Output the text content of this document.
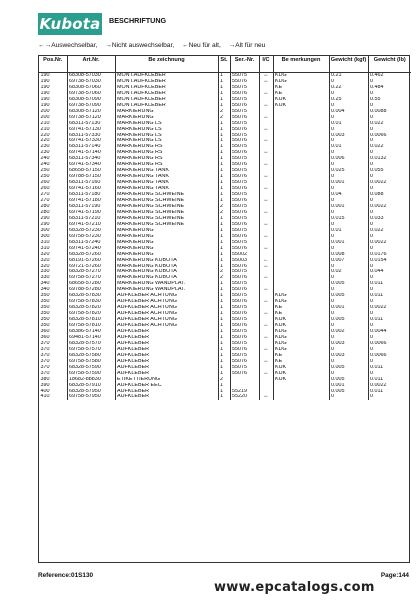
Kubota BESCHRIFTUNG
←→Auswechselbar, →Nicht auswechselbar, ←Neu für alt, →Alt für neu
Pos.Nr.	Art.Nr.	Be zeichnung	St.	Ser.-Nr.	I/C	Be merkungen	Gewicht (kgf)	Gewicht (lb)
190	68308-57030	MONT.AUFKLEBER	1	55075	↔	KDG	0.21	0.462
190	69738-57030	MONT.AUFKLEBER	1	55076	↔	KDG	0	0
190	68308-57060	MONT.AUFKLEBER	1	55075		KE	0.22	0.484
190	69738-57060	MONT.AUFKLEBER	1	55076	↔	KE	0	0
190	68308-57090	MONT.AUFKLEBER	1	55075		KUK	0.25	0.55
190	69738-57090	MONT.AUFKLEBER	1	55076	↔	KUK	0	0
200	68308-57120	MARKIERUNG	2	55075			0.004	0.0088
200	69738-57120	MARKIERUNG	2	55076	↔		0	0
210	68311-57130	MARKIERUNG LS	1	55075			0.01	0.022
210	69741-57130	MARKIERUNG LS	1	55076	↔		0	0
220	68311-57330	MARKIERUNG LS	1	55075			0.003	0.0066
220	69741-57330	MARKIERUNG LS	1	55076	↔		0	0
230	68311-57140	MARKIERUNG RS	1	55075			0.01	0.022
230	69741-57140	MARKIERUNG RS	1	55076	↔		0	0
240	68311-57340	MARKIERUNG RS	1	55075			0.006	0.0132
240	69741-57340	MARKIERUNG RS	1	55076	↔		0	0
250	68658-57150	MARKIERUNG TANK	1	55075			0.025	0.055
250	69788-57150	MARKIERUNG TANK	1	55076	↔		0	0
260	68311-57160	MARKIERUNG TANK	1	55075			0.001	0.0022
260	69741-57160	MARKIERUNG TANK	1	55076	↔		0	0
270	68311-57180	MARKIERUNG SCHWEINE	1	55075			0.04	0.088
270	69741-57180	MARKIERUNG SCHWEINE	1	55076	↔		0	0
280	68311-57190	MARKIERUNG SCHWEINE	2	55075			0.001	0.0022
280	69741-57190	MARKIERUNG SCHWEINE	2	55076	↔		0	0
290	68311-57210	MARKIERUNG SCHWEINE	1	55075			0.015	0.033
290	69741-57210	MARKIERUNG SCHWEINE	1	55076	↔		0	0
300	68328-57230	MARKIERUNG	1	55075			0.01	0.022
300	69758-57230	MARKIERUNG	1	55076	↔		0	0
310	68311-57240	MARKIERUNG	1	55075			0.001	0.0022
310	69741-57240	MARKIERUNG	1	55076	↔		0	0
320	68328-57260	MARKIERUNG	1	55002			0.008	0.0176
320	68191-57260	MARKIERUNG KUBOTA	1	55003	←		0.007	0.0154
320	69721-57260	MARKIERUNG KUBOTA	1	55076	↔		0	0
330	68328-57270	MARKIERUNG KUBOTA	2	55075			0.02	0.044
330	69758-57270	MARKIERUNG KUBOTA	2	55076	↔		0	0
340	68658-57280	MARKIERUNG WANDPLAT.	1	55075			0.005	0.011
340	69788-57280	MARKIERUNG WANDPLAT.	1	55076	↔		0	0
350	68328-57830	AUFKLEBER ACHTUNG	1	55075		KDG	0.005	0.011
350	69758-57830	AUFKLEBER ACHTUNG	1	55076	↔	KDG	0	0
350	68328-57820	AUFKLEBER ACHTUNG	1	55075		KE	0.001	0.0022
350	69758-57820	AUFKLEBER ACHTUNG	1	55076	↔	KE	0	0
350	68328-57810	AUFKLEBER ACHTUNG	1	55075		KUK	0.005	0.011
350	69758-57810	AUFKLEBER ACHTUNG	1	55076	↔	KUK	0	0
360	68386-57140	AUFKLEBER	1	55075		KDG	0.002	0.0044
360	69481-57140	AUFKLEBER	1	55076	↔	KDG	0	0
370	68328-57570	AUFKLEBER	1	55075		KDG	0.003	0.0066
370	69758-57570	AUFKLEBER	1	55076	↔	KDG	0	0
370	68328-57580	AUFKLEBER	1	55075		KE	0.003	0.0066
370	69758-57580	AUFKLEBER	1	55076	↔	KE	0	0
370	68328-57590	AUFKLEBER	1	55075		KUK	0.005	0.011
370	69758-57590	AUFKLEBER	1	55076	↔	KUK	0	0
380	18682-88830	ETIKETTIERUNG	2			KUK	0.005	0.011
390	68328-57910	AUFKLEBER EEC	1				0.001	0.0022
400	68328-57950	AUFKLEBER	1	55219			0.005	0.011
410	69758-57950	AUFKLEBER	1	55220	↔		0	0
Reference:01S130	Page:144
www.epcatalogs.com
